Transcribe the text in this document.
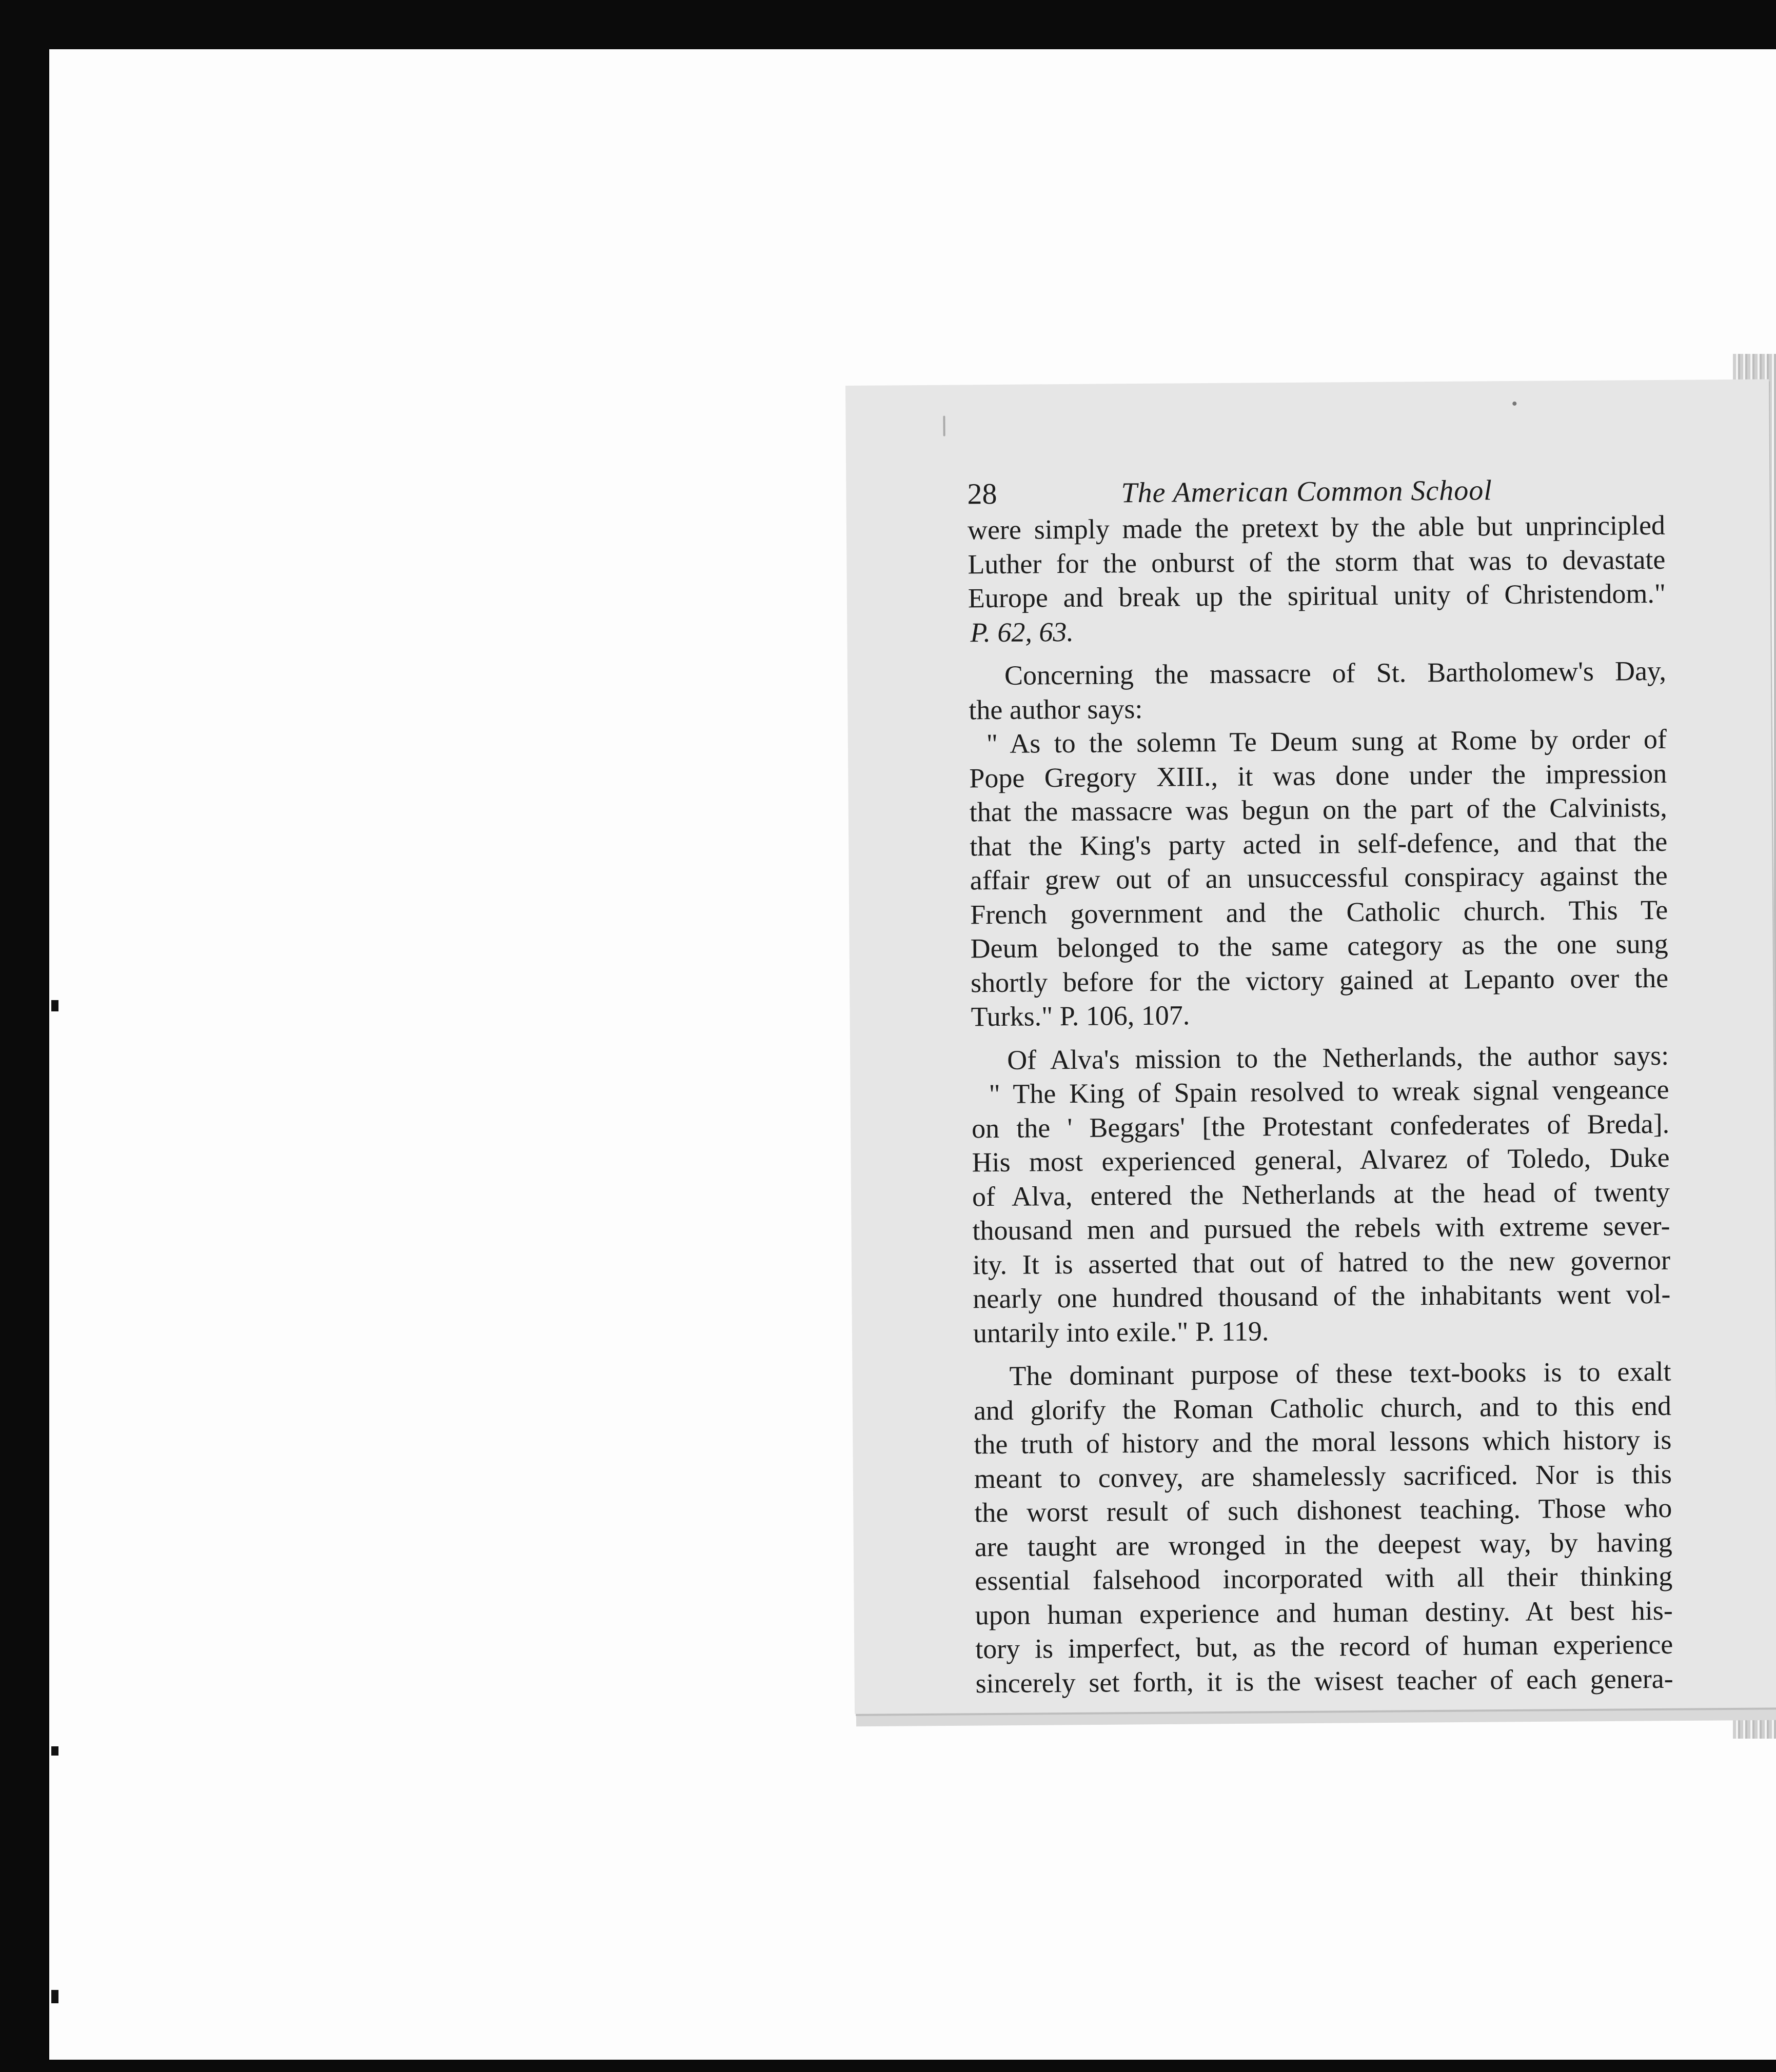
28	The American Common School
were simply made the pretext by the able but unprincipled
Luther for the onburst of the storm that was to devastate
Europe and break up the spiritual unity of Christendom."
P. 62, 63.
Concerning the massacre of St. Bartholomew's Day,
the author says:
" As to the solemn Te Deum sung at Rome by order of
Pope Gregory XIII., it was done under the impression
that the massacre was begun on the part of the Calvinists,
that the King's party acted in self-defence, and that the
affair grew out of an unsuccessful conspiracy against the
French government and the Catholic church. This Te
Deum belonged to the same category as the one sung
shortly before for the victory gained at Lepanto over the
Turks." P. 106, 107.
Of Alva's mission to the Netherlands, the author says:
" The King of Spain resolved to wreak signal vengeance
on the ' Beggars' [the Protestant confederates of Breda].
His most experienced general, Alvarez of Toledo, Duke
of Alva, entered the Netherlands at the head of twenty
thousand men and pursued the rebels with extreme sever-
ity. It is asserted that out of hatred to the new governor
nearly one hundred thousand of the inhabitants went vol-
untarily into exile." P. 119.
The dominant purpose of these text-books is to exalt
and glorify the Roman Catholic church, and to this end
the truth of history and the moral lessons which history is
meant to convey, are shamelessly sacrificed. Nor is this
the worst result of such dishonest teaching. Those who
are taught are wronged in the deepest way, by having
essential falsehood incorporated with all their thinking
upon human experience and human destiny. At best his-
tory is imperfect, but, as the record of human experience
sincerely set forth, it is the wisest teacher of each genera-
